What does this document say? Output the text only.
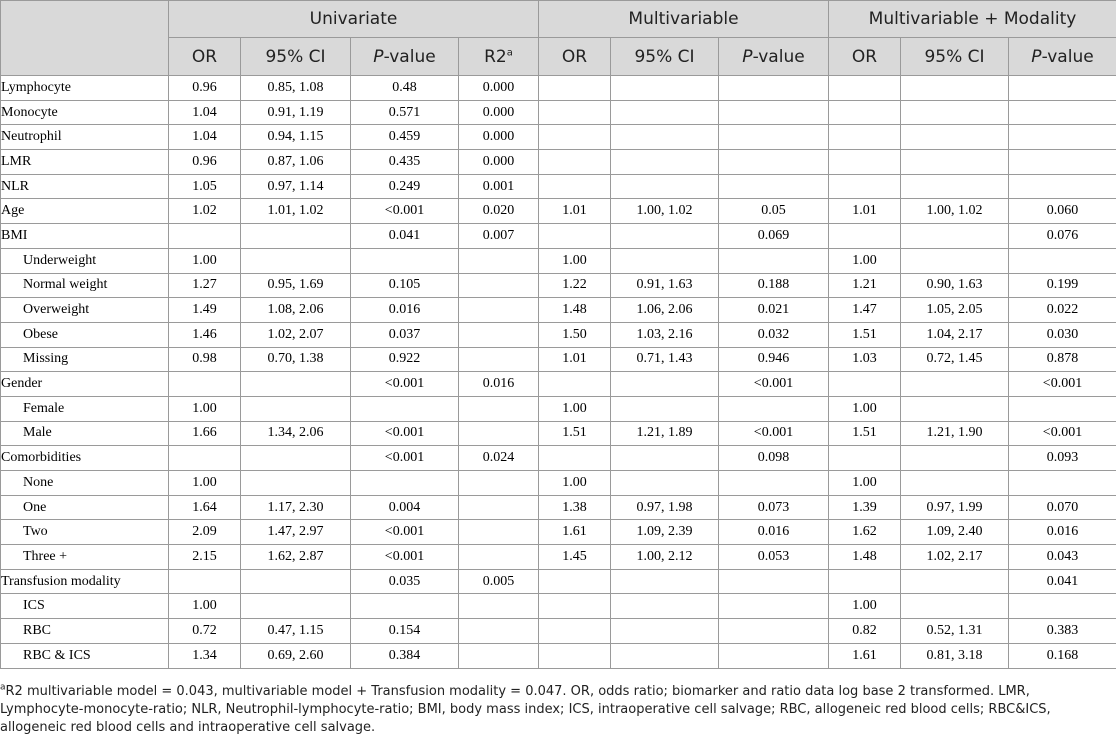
	Univariate				Multivariable			Multivariable + Modality		
	OR	95% CI	P-value	R2$^a$	OR	95% CI	P-value	OR	95% CI	P-value
Lymphocyte	0.96	0.85, 1.08	0.48	0.000						
Monocyte	1.04	0.91, 1.19	0.571	0.000						
Neutrophil	1.04	0.94, 1.15	0.459	0.000						
LMR	0.96	0.87, 1.06	0.435	0.000						
NLR	1.05	0.97, 1.14	0.249	0.001						
Age	1.02	1.01, 1.02	<0.001	0.020	1.01	1.00, 1.02	0.05	1.01	1.00, 1.02	0.060
BMI			0.041	0.007			0.069			0.076
Underweight	1.00				1.00			1.00		
Normal weight	1.27	0.95, 1.69	0.105		1.22	0.91, 1.63	0.188	1.21	0.90, 1.63	0.199
Overweight	1.49	1.08, 2.06	0.016		1.48	1.06, 2.06	0.021	1.47	1.05, 2.05	0.022
Obese	1.46	1.02, 2.07	0.037		1.50	1.03, 2.16	0.032	1.51	1.04, 2.17	0.030
Missing	0.98	0.70, 1.38	0.922		1.01	0.71, 1.43	0.946	1.03	0.72, 1.45	0.878
Gender			<0.001	0.016			<0.001			<0.001
Female	1.00				1.00			1.00		
Male	1.66	1.34, 2.06	<0.001		1.51	1.21, 1.89	<0.001	1.51	1.21, 1.90	<0.001
Comorbidities			<0.001	0.024			0.098			0.093
None	1.00				1.00			1.00		
One	1.64	1.17, 2.30	0.004		1.38	0.97, 1.98	0.073	1.39	0.97, 1.99	0.070
Two	2.09	1.47, 2.97	<0.001		1.61	1.09, 2.39	0.016	1.62	1.09, 2.40	0.016
Three +	2.15	1.62, 2.87	<0.001		1.45	1.00, 2.12	0.053	1.48	1.02, 2.17	0.043
Transfusion modality			0.035	0.005						0.041
ICS	1.00							1.00		
RBC	0.72	0.47, 1.15	0.154					0.82	0.52, 1.31	0.383
RBC & ICS	1.34	0.69, 2.60	0.384					1.61	0.81, 3.18	0.168
$^a$R2 multivariable model = 0.043, multivariable model + Transfusion modality = 0.047. OR, odds ratio; biomarker and ratio data log base 2 transformed. LMR, Lymphocyte-monocyte-ratio; NLR, Neutrophil-lymphocyte-ratio; BMI, body mass index; ICS, intraoperative cell salvage; RBC, allogeneic red blood cells; RBC&ICS, allogeneic red blood cells and intraoperative cell salvage.
